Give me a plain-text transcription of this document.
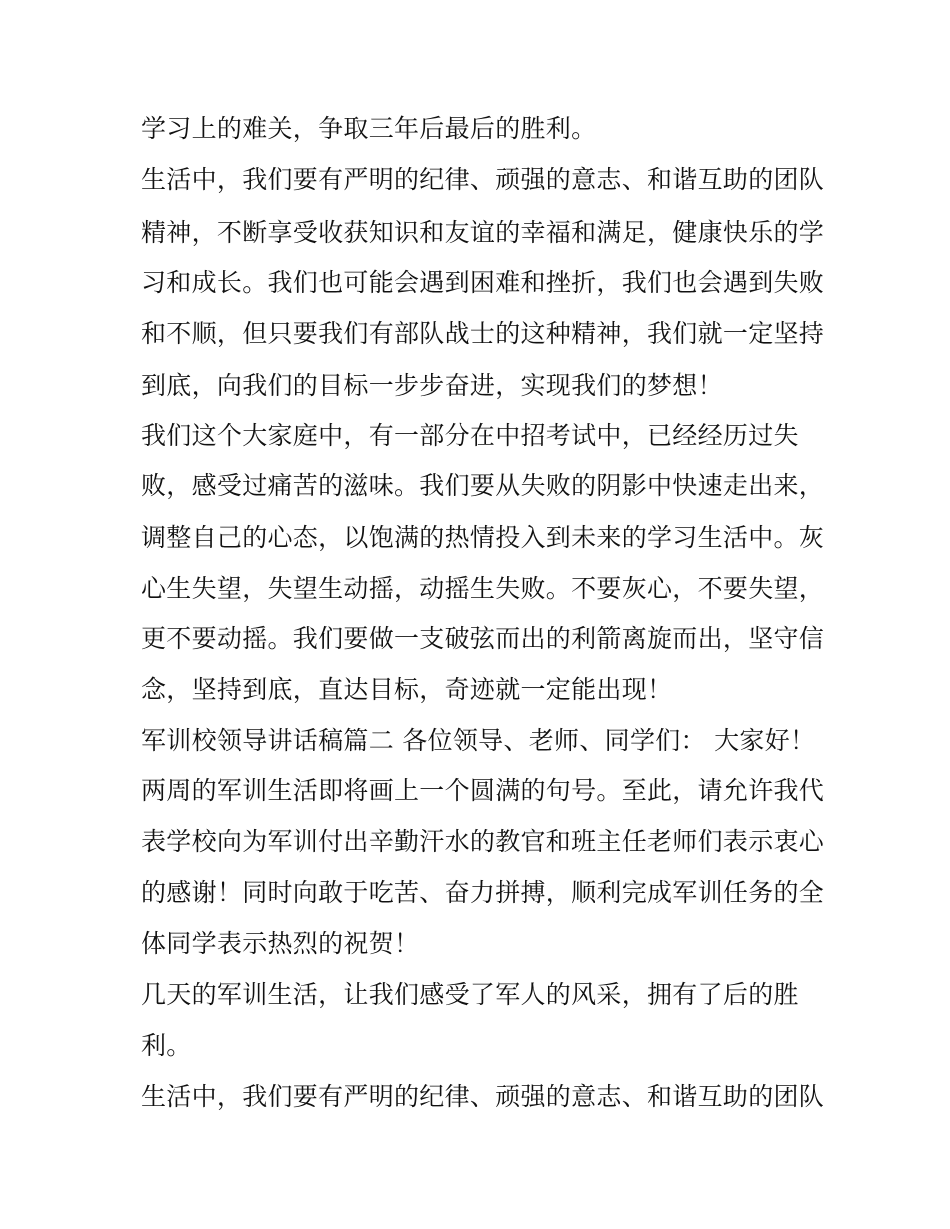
学习上的难关，争取三年后最后的胜利。
生活中，我们要有严明的纪律、顽强的意志、和谐互助的团队
精神，不断享受收获知识和友谊的幸福和满足，健康快乐的学
习和成长。我们也可能会遇到困难和挫折，我们也会遇到失败
和不顺，但只要我们有部队战士的这种精神，我们就一定坚持
到底，向我们的目标一步步奋进，实现我们的梦想！
我们这个大家庭中，有一部分在中招考试中，已经经历过失
败，感受过痛苦的滋味。我们要从失败的阴影中快速走出来，
调整自己的心态，以饱满的热情投入到未来的学习生活中。灰
心生失望，失望生动摇，动摇生失败。不要灰心，不要失望，
更不要动摇。我们要做一支破弦而出的利箭离旋而出，坚守信
念，坚持到底，直达目标，奇迹就一定能出现！
军训校领导讲话稿篇二 各位领导、老师、同学们： 大家好！
两周的军训生活即将画上一个圆满的句号。至此，请允许我代
表学校向为军训付出辛勤汗水的教官和班主任老师们表示衷心
的感谢！同时向敢于吃苦、奋力拼搏，顺利完成军训任务的全
体同学表示热烈的祝贺！
几天的军训生活，让我们感受了军人的风采，拥有了后的胜
利。
生活中，我们要有严明的纪律、顽强的意志、和谐互助的团队
